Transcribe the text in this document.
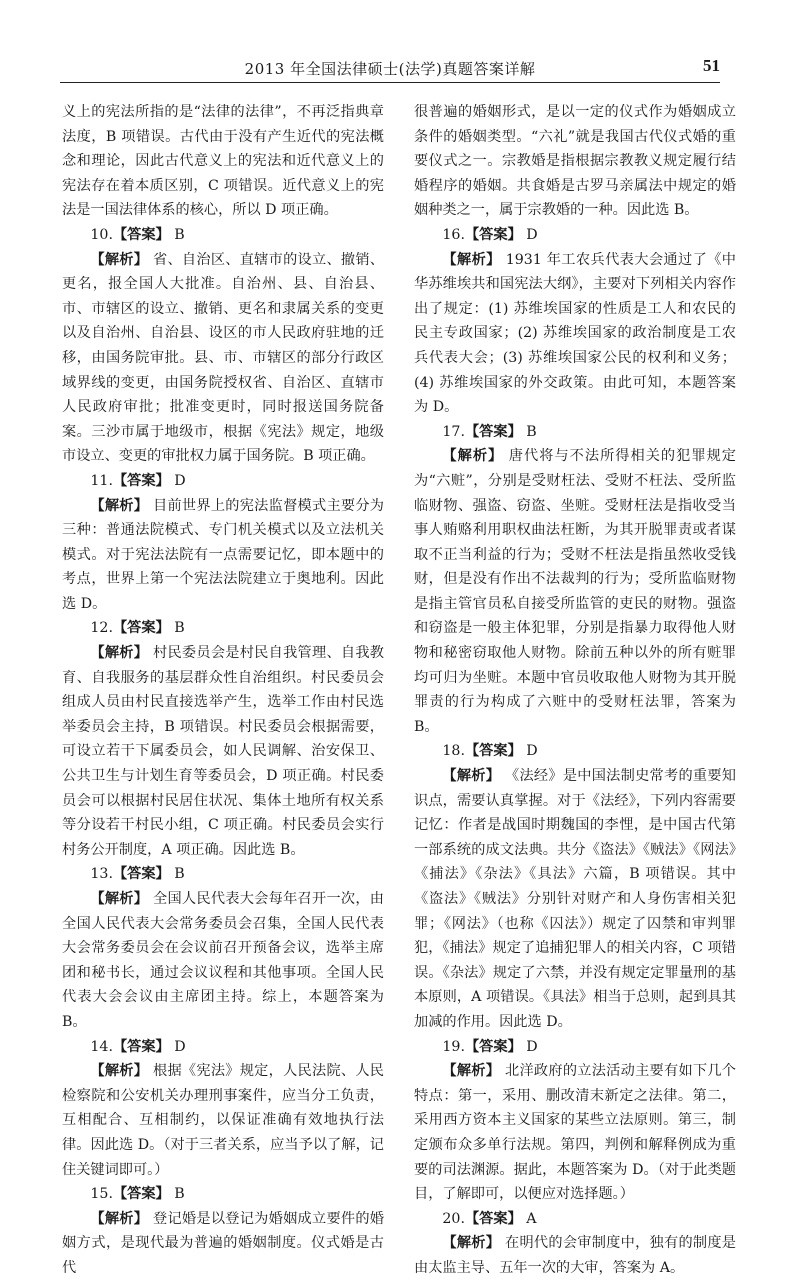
2013 年全国法律硕士(法学)真题答案详解	51

义上的宪法所指的是“法律的法律”，不再泛指典章法度，B 项错误。古代由于没有产生近代的宪法概念和理论，因此古代意义上的宪法和近代意义上的宪法存在着本质区别，C 项错误。近代意义上的宪法是一国法律体系的核心，所以 D 项正确。

10.【答案】 B

【解析】 省、自治区、直辖市的设立、撤销、更名，报全国人大批准。自治州、县、自治县、市、市辖区的设立、撤销、更名和隶属关系的变更以及自治州、自治县、设区的市人民政府驻地的迁移，由国务院审批。县、市、市辖区的部分行政区域界线的变更，由国务院授权省、自治区、直辖市人民政府审批；批准变更时，同时报送国务院备案。三沙市属于地级市，根据《宪法》规定，地级市设立、变更的审批权力属于国务院。B 项正确。

11.【答案】 D

【解析】 目前世界上的宪法监督模式主要分为三种：普通法院模式、专门机关模式以及立法机关模式。对于宪法法院有一点需要记忆，即本题中的考点，世界上第一个宪法法院建立于奥地利。因此选 D。

12.【答案】 B

【解析】 村民委员会是村民自我管理、自我教育、自我服务的基层群众性自治组织。村民委员会组成人员由村民直接选举产生，选举工作由村民选举委员会主持，B 项错误。村民委员会根据需要，可设立若干下属委员会，如人民调解、治安保卫、公共卫生与计划生育等委员会，D 项正确。村民委员会可以根据村民居住状况、集体土地所有权关系等分设若干村民小组，C 项正确。村民委员会实行村务公开制度，A 项正确。因此选 B。

13.【答案】 B

【解析】 全国人民代表大会每年召开一次，由全国人民代表大会常务委员会召集，全国人民代表大会常务委员会在会议前召开预备会议，选举主席团和秘书长，通过会议议程和其他事项。全国人民代表大会会议由主席团主持。综上，本题答案为 B。

14.【答案】 D

【解析】 根据《宪法》规定，人民法院、人民检察院和公安机关办理刑事案件，应当分工负责，互相配合、互相制约，以保证准确有效地执行法律。因此选 D。（对于三者关系，应当予以了解，记住关键词即可。）

15.【答案】 B

【解析】 登记婚是以登记为婚姻成立要件的婚姻方式，是现代最为普遍的婚姻制度。仪式婚是古代

很普遍的婚姻形式，是以一定的仪式作为婚姻成立条件的婚姻类型。“六礼”就是我国古代仪式婚的重要仪式之一。宗教婚是指根据宗教教义规定履行结婚程序的婚姻。共食婚是古罗马亲属法中规定的婚姻种类之一，属于宗教婚的一种。因此选 B。

16.【答案】 D

【解析】 1931 年工农兵代表大会通过了《中华苏维埃共和国宪法大纲》，主要对下列相关内容作出了规定：(1) 苏维埃国家的性质是工人和农民的民主专政国家；(2) 苏维埃国家的政治制度是工农兵代表大会；(3) 苏维埃国家公民的权利和义务；(4) 苏维埃国家的外交政策。由此可知，本题答案为 D。

17.【答案】 B

【解析】 唐代将与不法所得相关的犯罪规定为“六赃”，分别是受财枉法、受财不枉法、受所监临财物、强盗、窃盗、坐赃。受财枉法是指收受当事人贿赂利用职权曲法枉断，为其开脱罪责或者谋取不正当利益的行为；受财不枉法是指虽然收受钱财，但是没有作出不法裁判的行为；受所监临财物是指主管官员私自接受所监管的吏民的财物。强盗和窃盗是一般主体犯罪，分别是指暴力取得他人财物和秘密窃取他人财物。除前五种以外的所有赃罪均可归为坐赃。本题中官员收取他人财物为其开脱罪责的行为构成了六赃中的受财枉法罪，答案为 B。

18.【答案】 D

【解析】 《法经》是中国法制史常考的重要知识点，需要认真掌握。对于《法经》，下列内容需要记忆：作者是战国时期魏国的李悝，是中国古代第一部系统的成文法典。共分《盗法》《贼法》《网法》《捕法》《杂法》《具法》六篇，B 项错误。其中《盗法》《贼法》分别针对财产和人身伤害相关犯罪；《网法》（也称《囚法》）规定了囚禁和审判罪犯，《捕法》规定了追捕犯罪人的相关内容，C 项错误。《杂法》规定了六禁，并没有规定定罪量刑的基本原则，A 项错误。《具法》相当于总则，起到具其加减的作用。因此选 D。

19.【答案】 D

【解析】 北洋政府的立法活动主要有如下几个特点：第一，采用、删改清末新定之法律。第二，采用西方资本主义国家的某些立法原则。第三，制定颁布众多单行法规。第四，判例和解释例成为重要的司法渊源。据此，本题答案为 D。（对于此类题目，了解即可，以便应对选择题。）

20.【答案】 A

【解析】 在明代的会审制度中，独有的制度是由太监主导、五年一次的大审，答案为 A。
